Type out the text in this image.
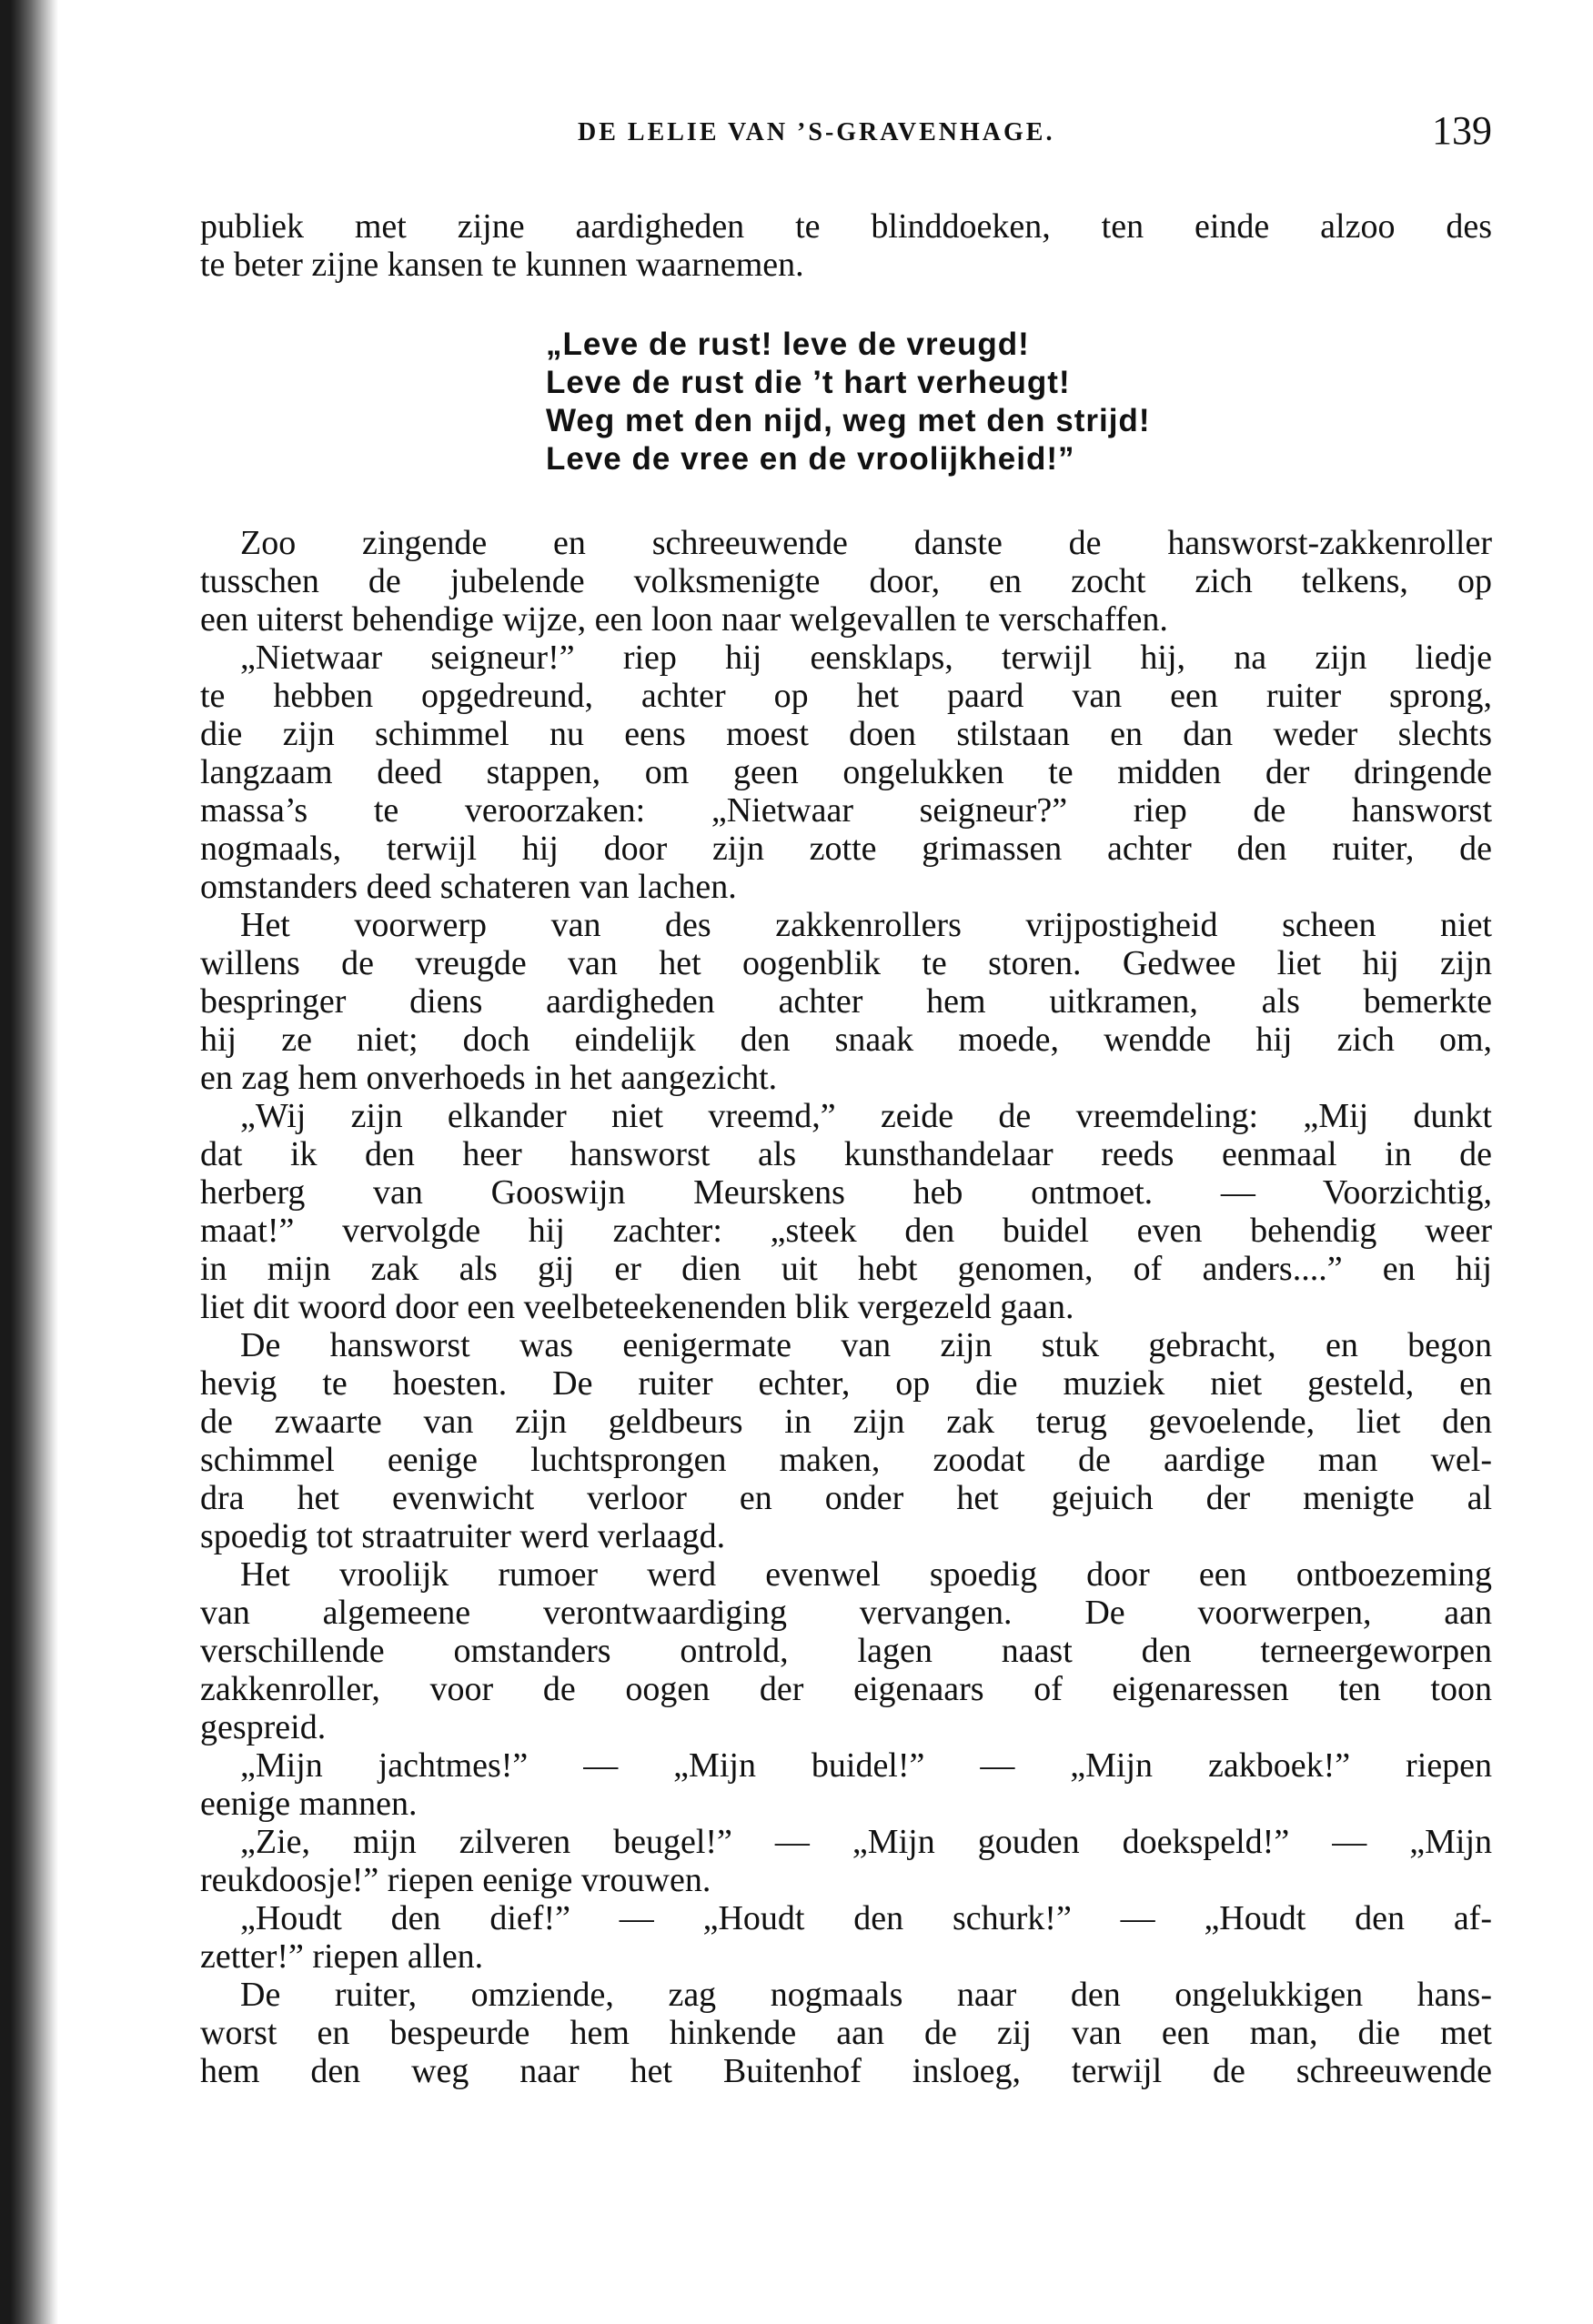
DE LELIE VAN ’S-GRAVENHAGE.	139
publiek met zijne aardigheden te blinddoeken, ten einde alzoo des
te beter zijne kansen te kunnen waarnemen.
„Leve de rust! leve de vreugd!
Leve de rust die ’t hart verheugt!
Weg met den nijd, weg met den strijd!
Leve de vree en de vroolijkheid!”
Zoo zingende en schreeuwende danste de hansworst-zakkenroller
tusschen de jubelende volksmenigte door, en zocht zich telkens, op
een uiterst behendige wijze, een loon naar welgevallen te verschaffen.
„Nietwaar seigneur!” riep hij eensklaps, terwijl hij, na zijn liedje
te hebben opgedreund, achter op het paard van een ruiter sprong,
die zijn schimmel nu eens moest doen stilstaan en dan weder slechts
langzaam deed stappen, om geen ongelukken te midden der dringende
massa’s te veroorzaken: „Nietwaar seigneur?” riep de hansworst
nogmaals, terwijl hij door zijn zotte grimassen achter den ruiter, de
omstanders deed schateren van lachen.
Het voorwerp van des zakkenrollers vrijpostigheid scheen niet
willens de vreugde van het oogenblik te storen. Gedwee liet hij zijn
bespringer diens aardigheden achter hem uitkramen, als bemerkte
hij ze niet; doch eindelijk den snaak moede, wendde hij zich om,
en zag hem onverhoeds in het aangezicht.
„Wij zijn elkander niet vreemd,” zeide de vreemdeling: „Mij dunkt
dat ik den heer hansworst als kunsthandelaar reeds eenmaal in de
herberg van Gooswijn Meurskens heb ontmoet. — Voorzichtig,
maat!” vervolgde hij zachter: „steek den buidel even behendig weer
in mijn zak als gij er dien uit hebt genomen, of anders....” en hij
liet dit woord door een veelbeteekenenden blik vergezeld gaan.
De hansworst was eenigermate van zijn stuk gebracht, en begon
hevig te hoesten. De ruiter echter, op die muziek niet gesteld, en
de zwaarte van zijn geldbeurs in zijn zak terug gevoelende, liet den
schimmel eenige luchtsprongen maken, zoodat de aardige man wel-
dra het evenwicht verloor en onder het gejuich der menigte al
spoedig tot straatruiter werd verlaagd.
Het vroolijk rumoer werd evenwel spoedig door een ontboezeming
van algemeene verontwaardiging vervangen. De voorwerpen, aan
verschillende omstanders ontrold, lagen naast den terneergeworpen
zakkenroller, voor de oogen der eigenaars of eigenaressen ten toon
gespreid.
„Mijn jachtmes!” — „Mijn buidel!” — „Mijn zakboek!” riepen
eenige mannen.
„Zie, mijn zilveren beugel!” — „Mijn gouden doekspeld!” — „Mijn
reukdoosje!” riepen eenige vrouwen.
„Houdt den dief!” — „Houdt den schurk!” — „Houdt den af-
zetter!” riepen allen.
De ruiter, omziende, zag nogmaals naar den ongelukkigen hans-
worst en bespeurde hem hinkende aan de zij van een man, die met
hem den weg naar het Buitenhof insloeg, terwijl de schreeuwende
